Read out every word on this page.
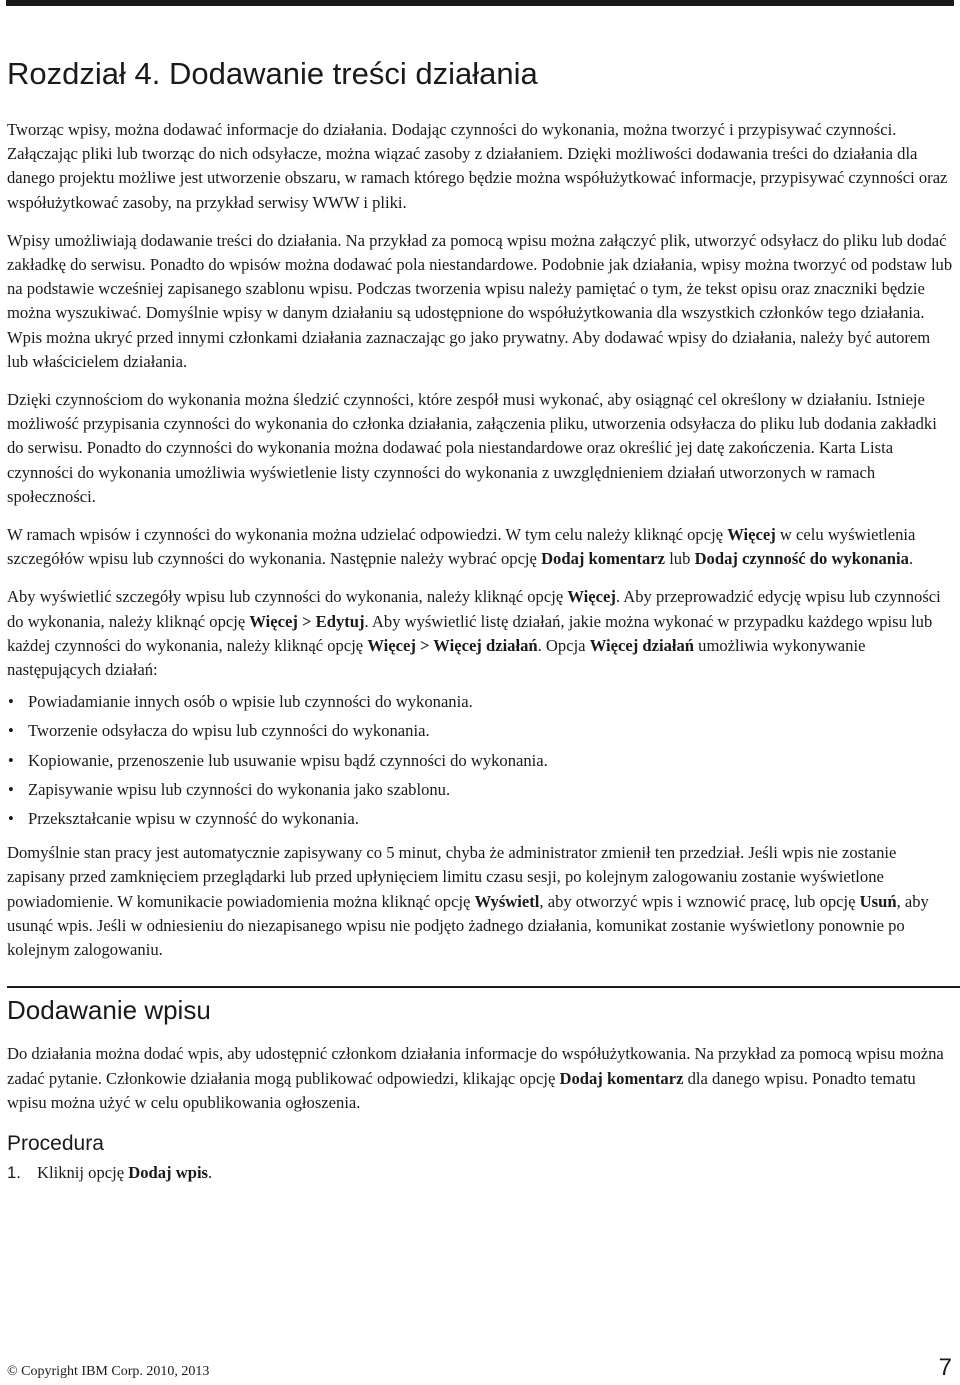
Rozdział 4. Dodawanie treści działania

Tworząc wpisy, można dodawać informacje do działania. Dodając czynności do wykonania, można tworzyć i przypisywać czynności. Załączając pliki lub tworząc do nich odsyłacze, można wiązać zasoby z działaniem. Dzięki możliwości dodawania treści do działania dla danego projektu możliwe jest utworzenie obszaru, w ramach którego będzie można współużytkować informacje, przypisywać czynności oraz współużytkować zasoby, na przykład serwisy WWW i pliki.

Wpisy umożliwiają dodawanie treści do działania. Na przykład za pomocą wpisu można załączyć plik, utworzyć odsyłacz do pliku lub dodać zakładkę do serwisu. Ponadto do wpisów można dodawać pola niestandardowe. Podobnie jak działania, wpisy można tworzyć od podstaw lub na podstawie wcześniej zapisanego szablonu wpisu. Podczas tworzenia wpisu należy pamiętać o tym, że tekst opisu oraz znaczniki będzie można wyszukiwać. Domyślnie wpisy w danym działaniu są udostępnione do współużytkowania dla wszystkich członków tego działania. Wpis można ukryć przed innymi członkami działania zaznaczając go jako prywatny. Aby dodawać wpisy do działania, należy być autorem lub właścicielem działania.

Dzięki czynnościom do wykonania można śledzić czynności, które zespół musi wykonać, aby osiągnąć cel określony w działaniu. Istnieje możliwość przypisania czynności do wykonania do członka działania, załączenia pliku, utworzenia odsyłacza do pliku lub dodania zakładki do serwisu. Ponadto do czynności do wykonania można dodawać pola niestandardowe oraz określić jej datę zakończenia. Karta Lista czynności do wykonania umożliwia wyświetlenie listy czynności do wykonania z uwzględnieniem działań utworzonych w ramach społeczności.

W ramach wpisów i czynności do wykonania można udzielać odpowiedzi. W tym celu należy kliknąć opcję Więcej w celu wyświetlenia szczegółów wpisu lub czynności do wykonania. Następnie należy wybrać opcję Dodaj komentarz lub Dodaj czynność do wykonania.

Aby wyświetlić szczegóły wpisu lub czynności do wykonania, należy kliknąć opcję Więcej. Aby przeprowadzić edycję wpisu lub czynności do wykonania, należy kliknąć opcję Więcej > Edytuj. Aby wyświetlić listę działań, jakie można wykonać w przypadku każdego wpisu lub każdej czynności do wykonania, należy kliknąć opcję Więcej > Więcej działań. Opcja Więcej działań umożliwia wykonywanie następujących działań:

• Powiadamianie innych osób o wpisie lub czynności do wykonania.
• Tworzenie odsyłacza do wpisu lub czynności do wykonania.
• Kopiowanie, przenoszenie lub usuwanie wpisu bądź czynności do wykonania.
• Zapisywanie wpisu lub czynności do wykonania jako szablonu.
• Przekształcanie wpisu w czynność do wykonania.

Domyślnie stan pracy jest automatycznie zapisywany co 5 minut, chyba że administrator zmienił ten przedział. Jeśli wpis nie zostanie zapisany przed zamknięciem przeglądarki lub przed upłynięciem limitu czasu sesji, po kolejnym zalogowaniu zostanie wyświetlone powiadomienie. W komunikacie powiadomienia można kliknąć opcję Wyświetl, aby otworzyć wpis i wznowić pracę, lub opcję Usuń, aby usunąć wpis. Jeśli w odniesieniu do niezapisanego wpisu nie podjęto żadnego działania, komunikat zostanie wyświetlony ponownie po kolejnym zalogowaniu.

Dodawanie wpisu

Do działania można dodać wpis, aby udostępnić członkom działania informacje do współużytkowania. Na przykład za pomocą wpisu można zadać pytanie. Członkowie działania mogą publikować odpowiedzi, klikając opcję Dodaj komentarz dla danego wpisu. Ponadto tematu wpisu można użyć w celu opublikowania ogłoszenia.

Procedura
1. Kliknij opcję Dodaj wpis.
© Copyright IBM Corp. 2010, 2013	7
